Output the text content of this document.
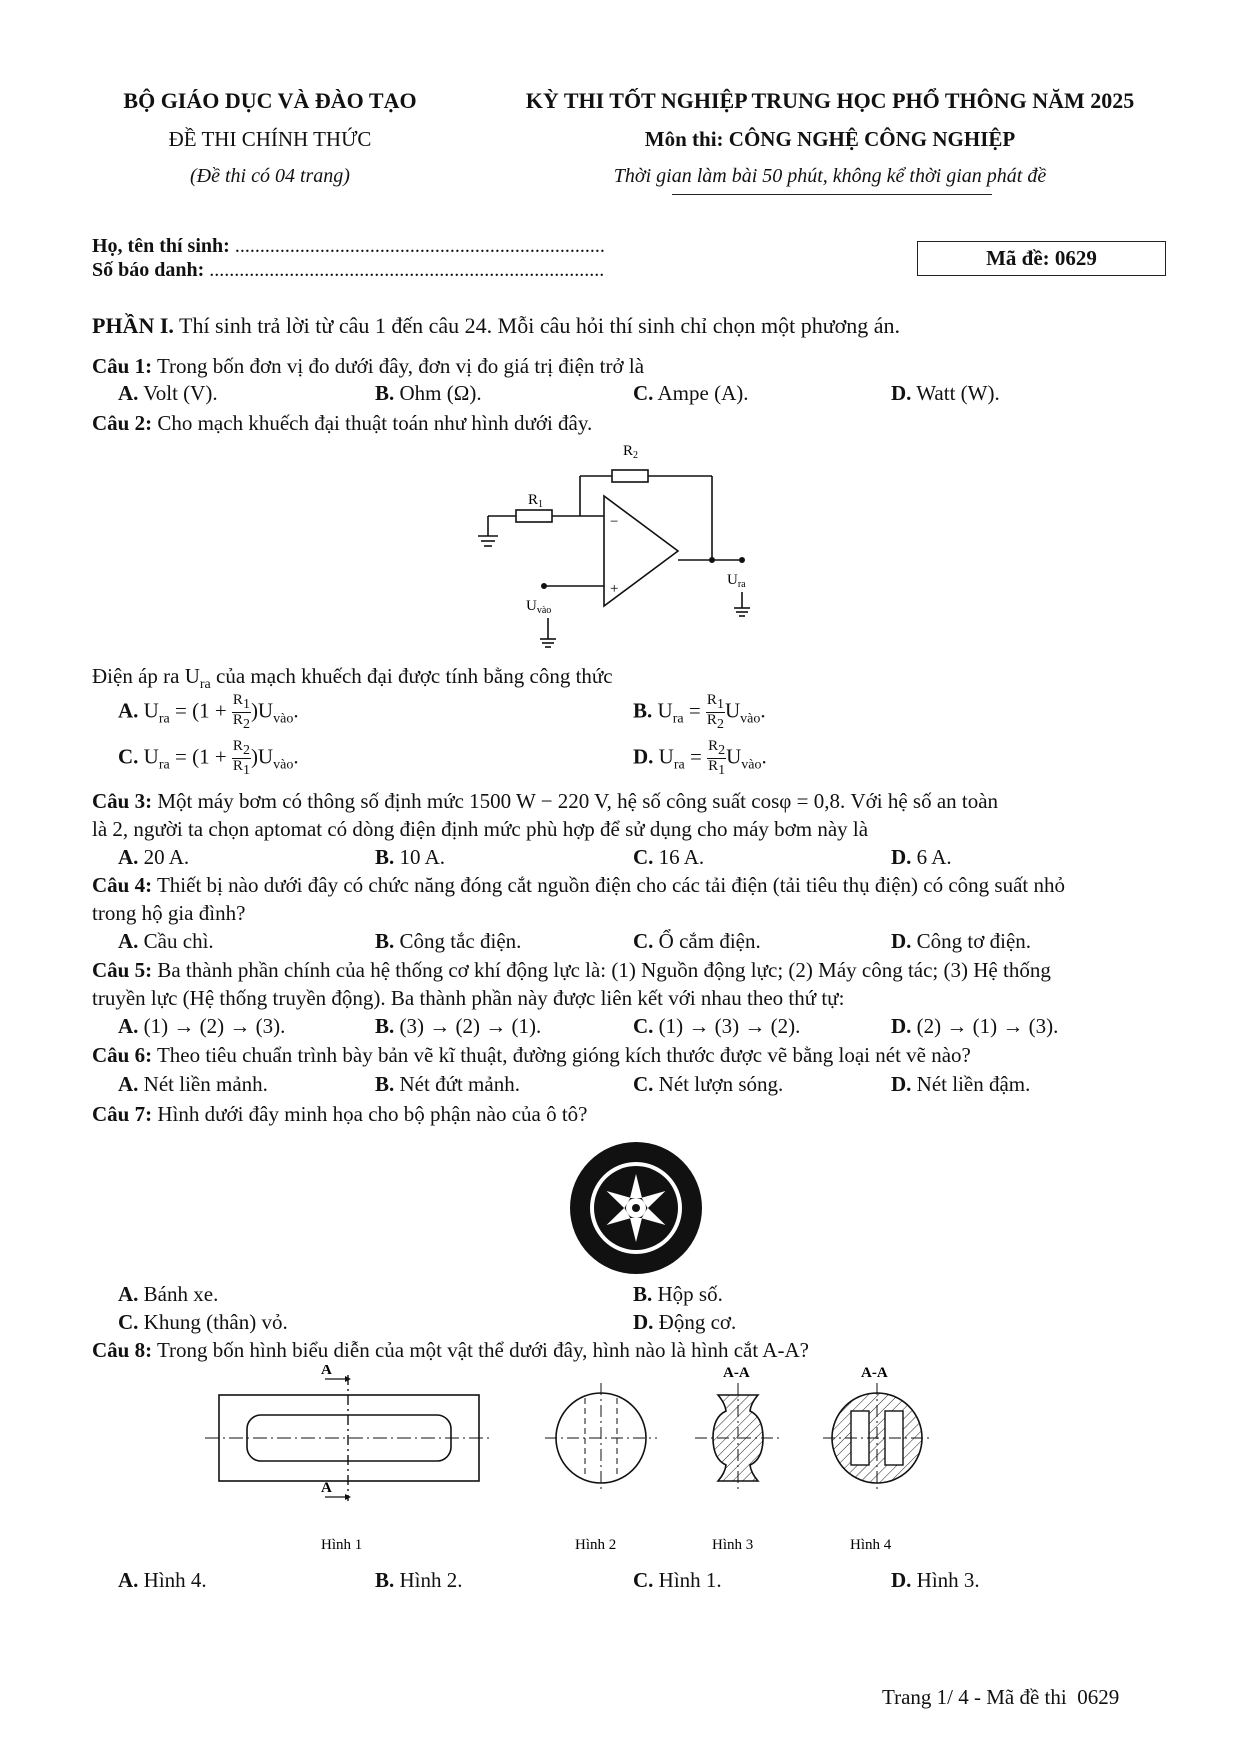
BỘ GIÁO DỤC VÀ ĐÀO TẠO
ĐỀ THI CHÍNH THỨC
(Đề thi có 04 trang)
KỲ THI TỐT NGHIỆP TRUNG HỌC PHỔ THÔNG NĂM 2025
Môn thi: CÔNG NGHỆ CÔNG NGHIỆP
Thời gian làm bài 50 phút, không kể thời gian phát đề
Họ, tên thí sinh: ..........................................................................
Số báo danh: ...............................................................................	Mã đề: 0629
PHẦN I. Thí sinh trả lời từ câu 1 đến câu 24. Mỗi câu hỏi thí sinh chỉ chọn một phương án.
Câu 1: Trong bốn đơn vị đo dưới đây, đơn vị đo giá trị điện trở là
A. Volt (V).	B. Ohm (Ω).	C. Ampe (A).	D. Watt (W).
Câu 2: Cho mạch khuếch đại thuật toán như hình dưới đây.
−
+
$R_1$
$R_2$
$U_{vào}$
$U_{ra}$
Điện áp ra $U_{ra}$ của mạch khuếch đại được tính bằng công thức
A. $U_{ra} = (1 + \frac{R_1}{R_2} )U_{vào}$.	B. $U_{ra} = \frac{R_1}{R_2} U_{vào}$.
C. $U_{ra} = (1 + \frac{R_2}{R_1} )U_{vào}$.	D. $U_{ra} = \frac{R_2}{R_1} U_{vào}$.
Câu 3: Một máy bơm có thông số định mức 1500 W − 220 V, hệ số công suất cosφ = 0,8. Với hệ số an toàn
là 2, người ta chọn aptomat có dòng điện định mức phù hợp để sử dụng cho máy bơm này là
A. 20 A.	B. 10 A.	C. 16 A.	D. 6 A.
Câu 4: Thiết bị nào dưới đây có chức năng đóng cắt nguồn điện cho các tải điện (tải tiêu thụ điện) có công suất nhỏ
trong hộ gia đình?
A. Cầu chì.	B. Công tắc điện.	C. Ổ cắm điện.	D. Công tơ điện.
Câu 5: Ba thành phần chính của hệ thống cơ khí động lực là: (1) Nguồn động lực; (2) Máy công tác; (3) Hệ thống
truyền lực (Hệ thống truyền động). Ba thành phần này được liên kết với nhau theo thứ tự:
A. (1) → (2) → (3).	B. (3) → (2) → (1).	C. (1) → (3) → (2).	D. (2) → (1) → (3).
Câu 6: Theo tiêu chuẩn trình bày bản vẽ kĩ thuật, đường gióng kích thước được vẽ bằng loại nét vẽ nào?
A. Nét liền mảnh.	B. Nét đứt mảnh.	C. Nét lượn sóng.	D. Nét liền đậm.
Câu 7: Hình dưới đây minh họa cho bộ phận nào của ô tô?
A. Bánh xe.	B. Hộp số.
C. Khung (thân) vỏ.	D. Động cơ.
Câu 8: Trong bốn hình biểu diễn của một vật thể dưới đây, hình nào là hình cắt A-A?
A
A
Hình 1	Hình 2
A-A
Hình 3
A-A
Hình 4
A. Hình 4.	B. Hình 2.	C. Hình 1.	D. Hình 3.
Trang 1/ 4 - Mã đề thi  0629
